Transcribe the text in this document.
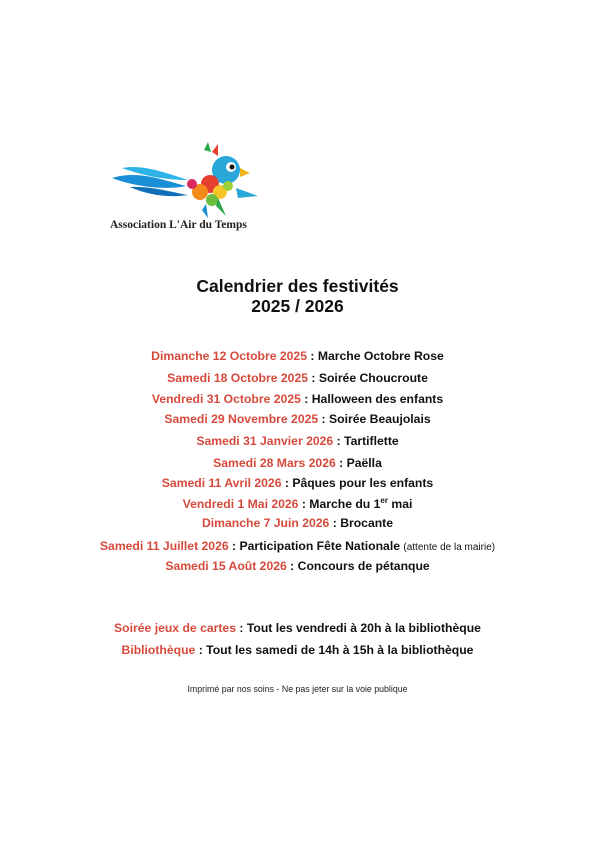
Association L'Air du Temps
Calendrier des festivités
2025 / 2026
Dimanche 12 Octobre 2025 : Marche Octobre Rose
Samedi 18 Octobre 2025 : Soirée Choucroute
Vendredi 31 Octobre 2025 : Halloween des enfants
Samedi 29 Novembre 2025 : Soirée Beaujolais
Samedi 31 Janvier 2026 : Tartiflette
Samedi 28 Mars 2026 : Paëlla
Samedi 11 Avril 2026 : Pâques pour les enfants
Vendredi 1 Mai 2026 : Marche du 1er mai
Dimanche 7 Juin 2026 : Brocante
Samedi 11 Juillet 2026 : Participation Fête Nationale (attente de la mairie)
Samedi 15 Août 2026 : Concours de pétanque
Soirée jeux de cartes : Tout les vendredi à 20h à la bibliothèque
Bibliothèque : Tout les samedi de 14h à 15h à la bibliothèque
Imprimé par nos soins - Ne pas jeter sur la voie publique
